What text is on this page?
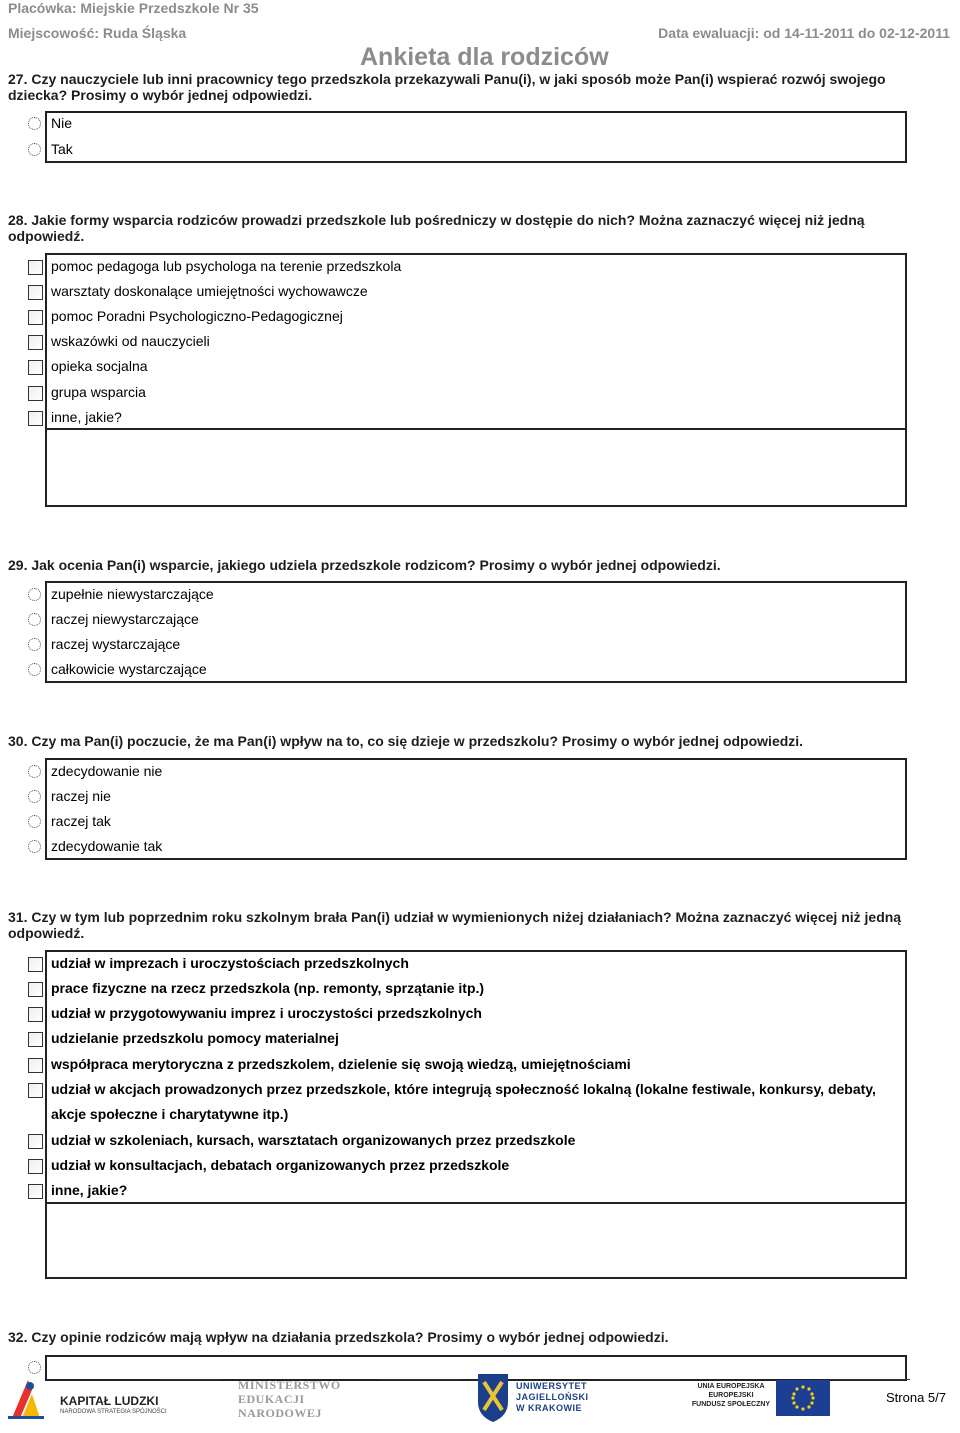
Placówka: Miejskie Przedszkole Nr 35
Miejscowość: Ruda Śląska	Data ewaluacji: od 14-11-2011 do 02-12-2011
Ankieta dla rodziców
27. Czy nauczyciele lub inni pracownicy tego przedszkola przekazywali Panu(i), w jaki sposób może Pan(i) wspierać rozwój swojego dziecka? Prosimy o wybór jednej odpowiedzi.
Nie
Tak
28. Jakie formy wsparcia rodziców prowadzi przedszkole lub pośredniczy w dostępie do nich? Można zaznaczyć więcej niż jedną odpowiedź.
pomoc pedagoga lub psychologa na terenie przedszkola
warsztaty doskonalące umiejętności wychowawcze
pomoc Poradni Psychologiczno-Pedagogicznej
wskazówki od nauczycieli
opieka socjalna
grupa wsparcia
inne, jakie?
29. Jak ocenia Pan(i) wsparcie, jakiego udziela przedszkole rodzicom? Prosimy o wybór jednej odpowiedzi.
zupełnie niewystarczające
raczej niewystarczające
raczej wystarczające
całkowicie wystarczające
30. Czy ma Pan(i) poczucie, że ma Pan(i) wpływ na to, co się dzieje w przedszkolu? Prosimy o wybór jednej odpowiedzi.
zdecydowanie nie
raczej nie
raczej tak
zdecydowanie tak
31. Czy w tym lub poprzednim roku szkolnym brała Pan(i) udział w wymienionych niżej działaniach? Można zaznaczyć więcej niż jedną odpowiedź.
udział w imprezach i uroczystościach przedszkolnych
prace fizyczne na rzecz przedszkola (np. remonty, sprzątanie itp.)
udział w przygotowywaniu imprez i uroczystości przedszkolnych
udzielanie przedszkolu pomocy materialnej
współpraca merytoryczna z przedszkolem, dzielenie się swoją wiedzą, umiejętnościami
udział w akcjach prowadzonych przez przedszkole, które integrują społeczność lokalną (lokalne festiwale, konkursy, debaty,
akcje społeczne i charytatywne itp.)
udział w szkoleniach, kursach, warsztatach organizowanych przez przedszkole
udział w konsultacjach, debatach organizowanych przez przedszkole
inne, jakie?
32. Czy opinie rodziców mają wpływ na działania przedszkola? Prosimy o wybór jednej odpowiedzi.
KAPITAŁ LUDZKI
NARODOWA STRATEGIA SPÓJNOŚCI
MINISTERSTWO
EDUKACJI
NARODOWEJ
UNIWERSYTET
JAGIELLOŃSKI
W KRAKOWIE
UNIA EUROPEJSKA
EUROPEJSKI
FUNDUSZ SPOŁECZNY	Strona 5/7
